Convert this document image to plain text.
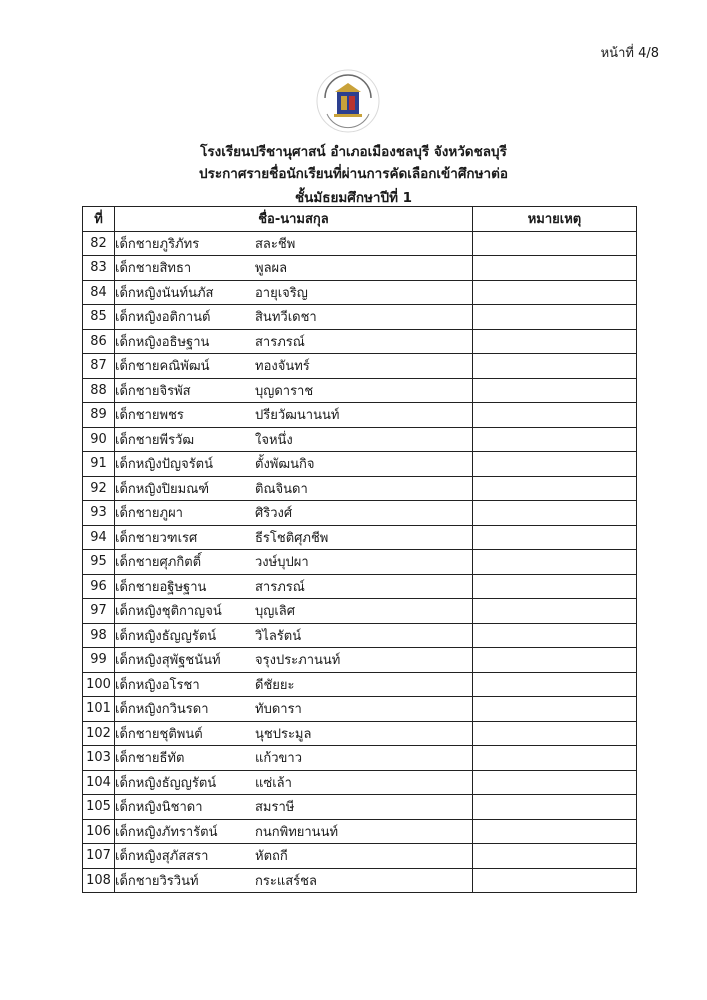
หน้าที่ 4/8
โรงเรียนปรีชานุศาสน์ อำเภอเมืองชลบุรี จังหวัดชลบุรี
ประกาศรายชื่อนักเรียนที่ผ่านการคัดเลือกเข้าศึกษาต่อ
ชั้นมัธยมศึกษาปีที่ 1
ที่	ชื่อ-นามสกุล	หมายเหตุ
82	เด็กชายภูริภัทร สละชีพ	
83	เด็กชายสิทธา พูลผล	
84	เด็กหญิงนันท์นภัส อายุเจริญ	
85	เด็กหญิงอติกานต์ สินทวีเดชา	
86	เด็กหญิงอธิษฐาน สารภรณ์	
87	เด็กชายคณิพัฒน์ ทองจันทร์	
88	เด็กชายจิรพัส บุญดาราช	
89	เด็กชายพชร ปรียวัฒนานนท์	
90	เด็กชายพีรวัฒ ใจหนึ่ง	
91	เด็กหญิงปัญจรัตน์ ตั้งพัฒนกิจ	
92	เด็กหญิงปิยมณฑ์ ติณจินดา	
93	เด็กชายภูผา ศิริวงศ์	
94	เด็กชายวฑเรศ ธีรโชติศุภชีพ	
95	เด็กชายศุภกิตติ์ วงษ์บุปผา	
96	เด็กชายอฐิษฐาน สารภรณ์	
97	เด็กหญิงชุติกาญจน์ บุญเลิศ	
98	เด็กหญิงธัญญรัตน์ วิไลรัตน์	
99	เด็กหญิงสุพัฐชนันท์ จรุงประภานนท์	
100	เด็กหญิงอโรชา ดีชัยยะ	
101	เด็กหญิงกวินรดา ทับดารา	
102	เด็กชายชุติพนต์ นุชประมูล	
103	เด็กชายธีทัต แก้วขาว	
104	เด็กหญิงธัญญรัตน์ แซ่เล้า	
105	เด็กหญิงนิชาดา สมราษี	
106	เด็กหญิงภัทรารัตน์ กนกพิทยานนท์	
107	เด็กหญิงสุภัสสรา หัตถกี	
108	เด็กชายวิรวินท์ กระแสร์ชล	
